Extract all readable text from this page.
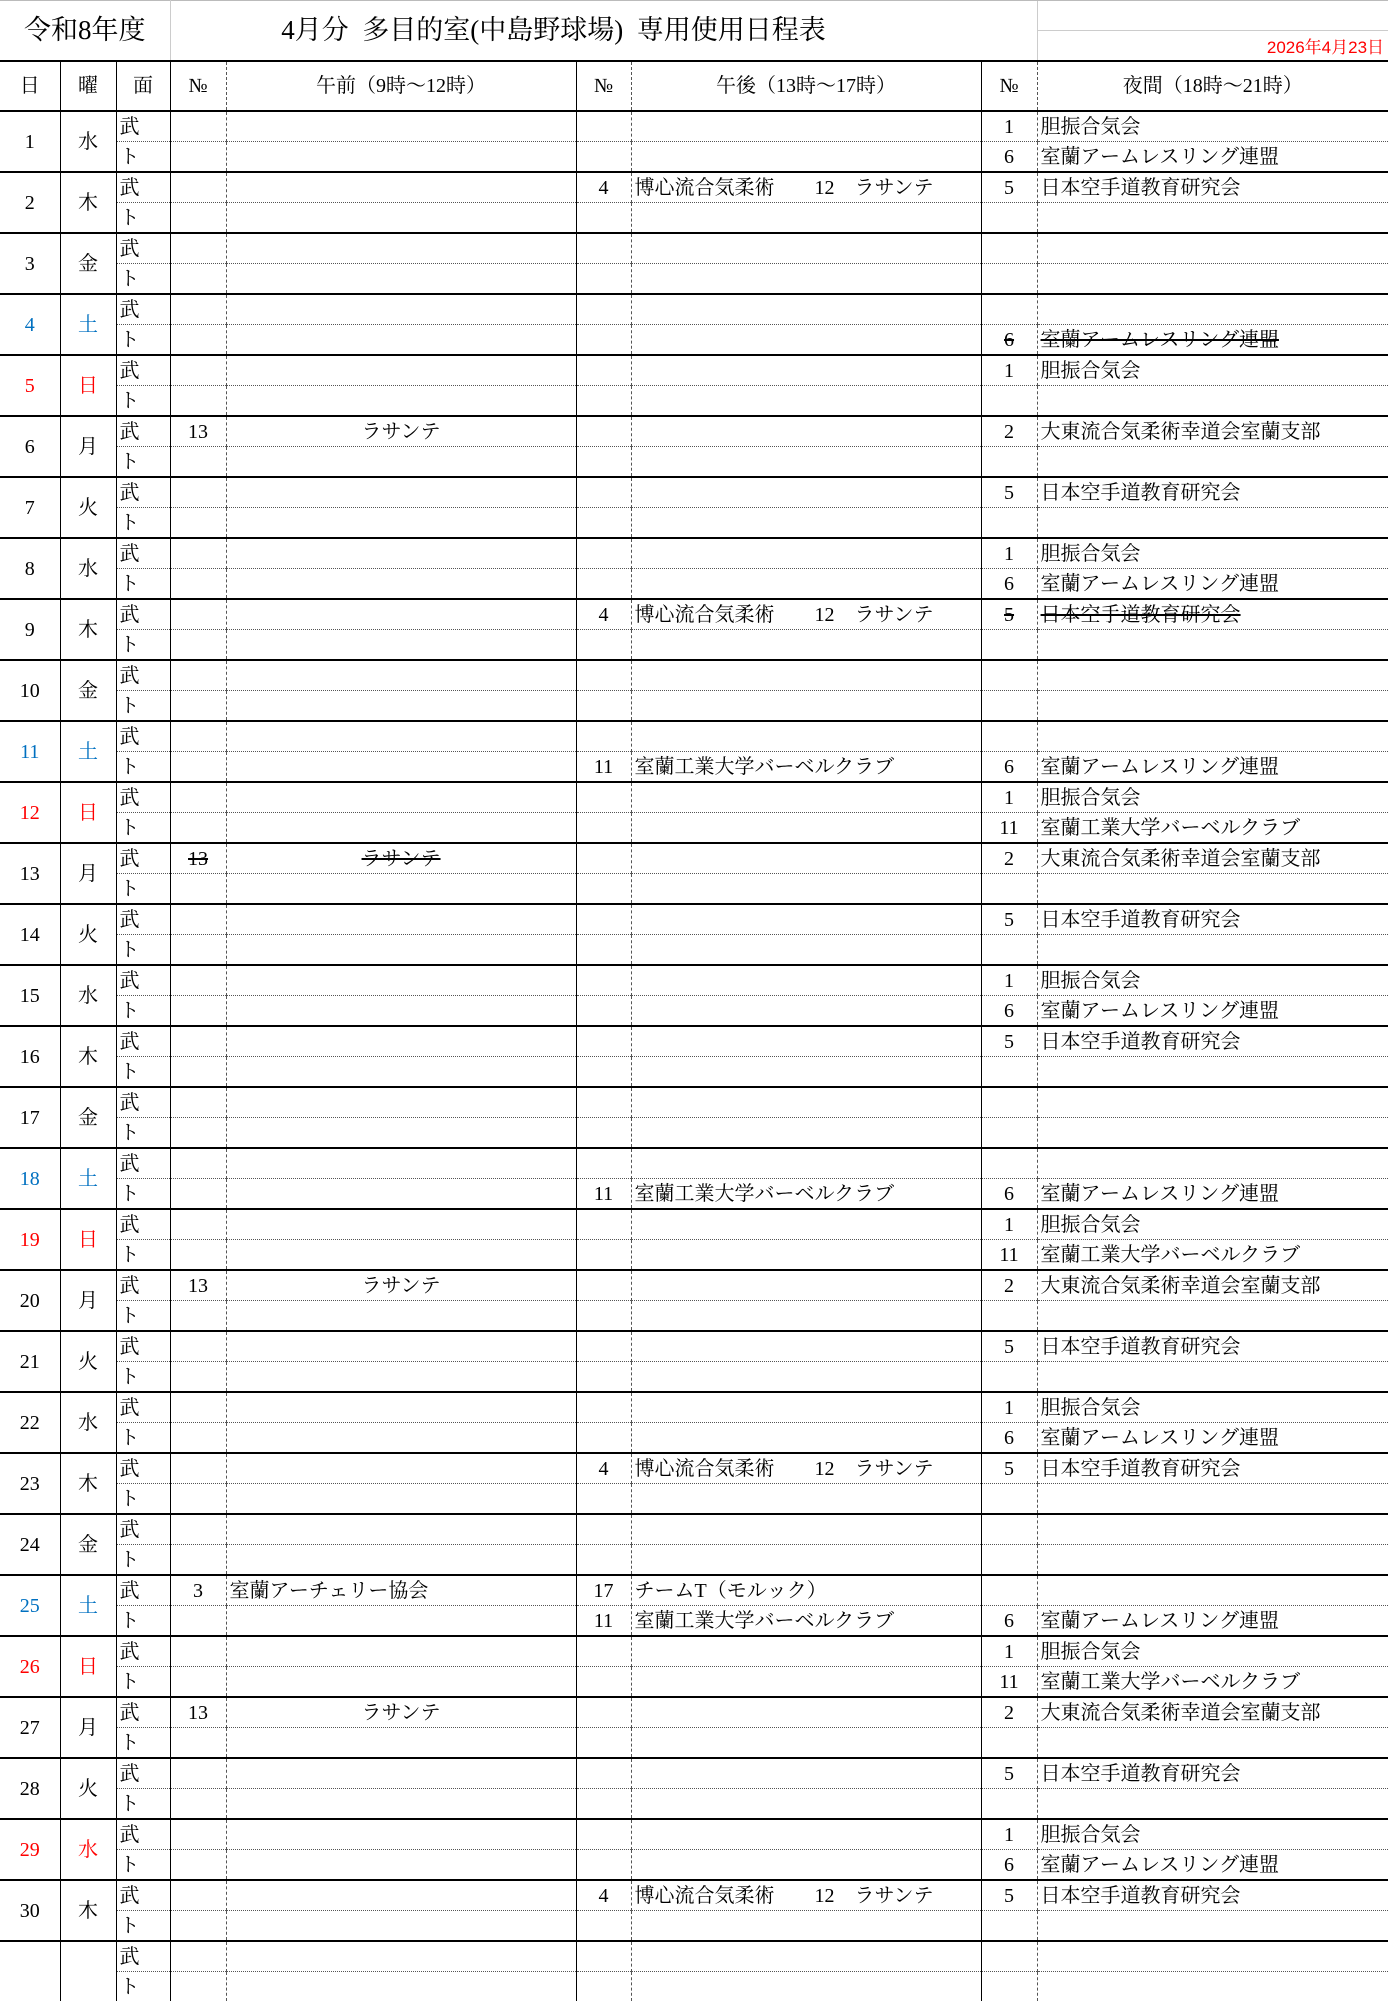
令和8年度			4月分  多目的室(中島野球場)  専用使用日程表					2026年4月23日

日	曜	面	№	午前（9時～12時）	№	午後（13時～17時）	№	夜間（18時～21時）
1	水	武					1	胆振合気会
		ト					6	室蘭アームレスリング連盟
2	木	武			4	博心流合気柔術　　12　ラサンテ	5	日本空手道教育研究会
		ト						
3	金	武						
		ト						
4	土	武						
		ト					6	室蘭アームレスリング連盟
5	日	武					1	胆振合気会
		ト						
6	月	武	13	ラサンテ			2	大東流合気柔術幸道会室蘭支部
		ト						
7	火	武					5	日本空手道教育研究会
		ト						
8	水	武					1	胆振合気会
		ト					6	室蘭アームレスリング連盟
9	木	武			4	博心流合気柔術　　12　ラサンテ	5	日本空手道教育研究会
		ト						
10	金	武						
		ト						
11	土	武						
		ト			11	室蘭工業大学バーベルクラブ	6	室蘭アームレスリング連盟
12	日	武					1	胆振合気会
		ト					11	室蘭工業大学バーベルクラブ
13	月	武	13	ラサンテ			2	大東流合気柔術幸道会室蘭支部
		ト						
14	火	武					5	日本空手道教育研究会
		ト						
15	水	武					1	胆振合気会
		ト					6	室蘭アームレスリング連盟
16	木	武					5	日本空手道教育研究会
		ト						
17	金	武						
		ト						
18	土	武						
		ト			11	室蘭工業大学バーベルクラブ	6	室蘭アームレスリング連盟
19	日	武					1	胆振合気会
		ト					11	室蘭工業大学バーベルクラブ
20	月	武	13	ラサンテ			2	大東流合気柔術幸道会室蘭支部
		ト						
21	火	武					5	日本空手道教育研究会
		ト						
22	水	武					1	胆振合気会
		ト					6	室蘭アームレスリング連盟
23	木	武			4	博心流合気柔術　　12　ラサンテ	5	日本空手道教育研究会
		ト						
24	金	武						
		ト						
25	土	武	3	室蘭アーチェリー協会	17	チームT（モルック）		
		ト			11	室蘭工業大学バーベルクラブ	6	室蘭アームレスリング連盟
26	日	武					1	胆振合気会
		ト					11	室蘭工業大学バーベルクラブ
27	月	武	13	ラサンテ			2	大東流合気柔術幸道会室蘭支部
		ト						
28	火	武					5	日本空手道教育研究会
		ト						
29	水	武					1	胆振合気会
		ト					6	室蘭アームレスリング連盟
30	木	武			4	博心流合気柔術　　12　ラサンテ	5	日本空手道教育研究会
		ト						
		武						
		ト						
